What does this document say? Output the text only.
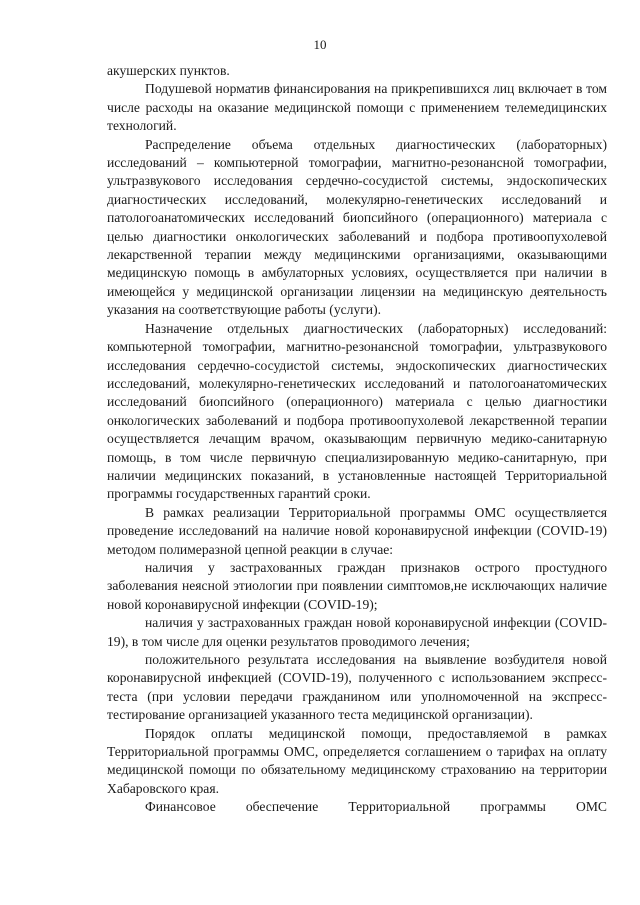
10

акушерских пунктов.

Подушевой норматив финансирования на прикрепившихся лиц включает в том числе расходы на оказание медицинской помощи с применением телемедицинских технологий.

Распределение объема отдельных диагностических (лабораторных) исследований – компьютерной томографии, магнитно-резонансной томографии, ультразвукового исследования сердечно-сосудистой системы, эндоскопических диагностических исследований, молекулярно-генетических исследований и патологоанатомических исследований биопсийного (операционного) материала с целью диагностики онкологических заболеваний и подбора противоопухолевой лекарственной терапии между медицинскими организациями, оказывающими медицинскую помощь в амбулаторных условиях, осуществляется при наличии в имеющейся у медицинской организации лицензии на медицинскую деятельность указания на соответствующие работы (услуги).

Назначение отдельных диагностических (лабораторных) исследований: компьютерной томографии, магнитно-резонансной томографии, ультразвукового исследования сердечно-сосудистой системы, эндоскопических диагностических исследований, молекулярно-генетических исследований и патологоанатомических исследований биопсийного (операционного) материала с целью диагностики онкологических заболеваний и подбора противоопухолевой лекарственной терапии осуществляется лечащим врачом, оказывающим первичную медико-санитарную помощь, в том числе первичную специализированную медико-санитарную, при наличии медицинских показаний, в установленные настоящей Территориальной программы государственных гарантий сроки.

В рамках реализации Территориальной программы ОМС осуществляется проведение исследований на наличие новой коронавирусной инфекции (COVID-19) методом полимеразной цепной реакции в случае:

наличия у застрахованных граждан признаков острого простудного заболевания неясной этиологии при появлении симптомов,не исключающих наличие новой коронавирусной инфекции (COVID-19);

наличия у застрахованных граждан новой коронавирусной инфекции (COVID-19), в том числе для оценки результатов проводимого лечения;

положительного результата исследования на выявление возбудителя новой коронавирусной инфекцией (COVID-19), полученного с использованием экспресс-теста (при условии передачи гражданином или уполномоченной на экспресс-тестирование организацией указанного теста медицинской организации).

Порядок оплаты медицинской помощи, предоставляемой в рамках Территориальной программы ОМС, определяется соглашением о тарифах на оплату медицинской помощи по обязательному медицинскому страхованию на территории Хабаровского края.

Финансовое обеспечение Территориальной программы ОМС
